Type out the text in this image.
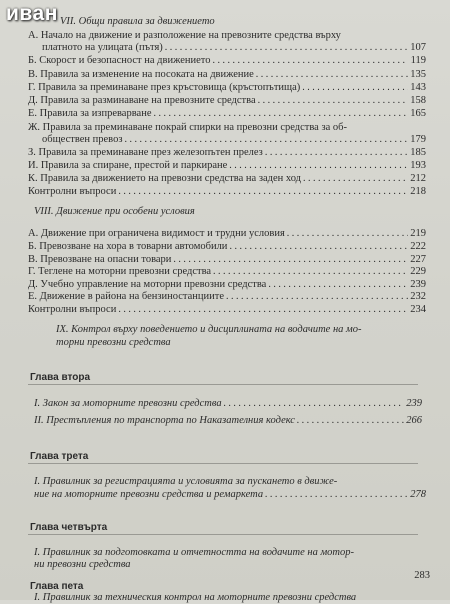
иван VII. Общи правила за движението
А. Начало на движение и разположение на превозните средства върху
платното на улицата (пътя) . . .	107
Б. Скорост и безопасност на движението . . .	119
В. Правила за изменение на посоката на движение . . .	135
Г. Правила за преминаване през кръстовища (кръстопътища) . . .	143
Д. Правила за разминаване на превозните средства . . .	158
Е. Правила за изпреварване . . .	165
Ж. Правила за преминаване покрай спирки на превозни средства за об-
обществен превоз . . .	179
З. Правила за преминаване през железопътен прелез . . .	185
И. Правила за спиране, престой и паркиране . . .	193
К. Правила за движението на превозни средства на заден ход . . .	212
Контролни въпроси . . .	218
VIII. Движение при особени условия
А. Движение при ограничена видимост и трудни условия . . .	219
Б. Превозване на хора в товарни автомобили . . .	222
В. Превозване на опасни товари . . .	227
Г. Теглене на моторни превозни средства . . .	229
Д. Учебно управление на моторни превозни средства . . .	239
Е. Движение в района на бензиностанциите . . .	232
Контролни въпроси . . .	234
IX. Контрол върху поведението и дисциплината на водачите на мо-
торни превозни средства
Глава втора
I. Закон за моторните превозни средства . . .	239
II. Престъпления по транспорта по Наказателния кодекс . . .	266
Глава трета
I. Правилник за регистрацията и условията за пускането в движе-
ние на моторните превозни средства и ремаркета . . .	278
Глава четвърта
I. Правилник за подготовката и отчетността на водачите на мотор-
ни превозни средства
283
Глава пета
I. Правилник за техническия контрол на моторните превозни средства
